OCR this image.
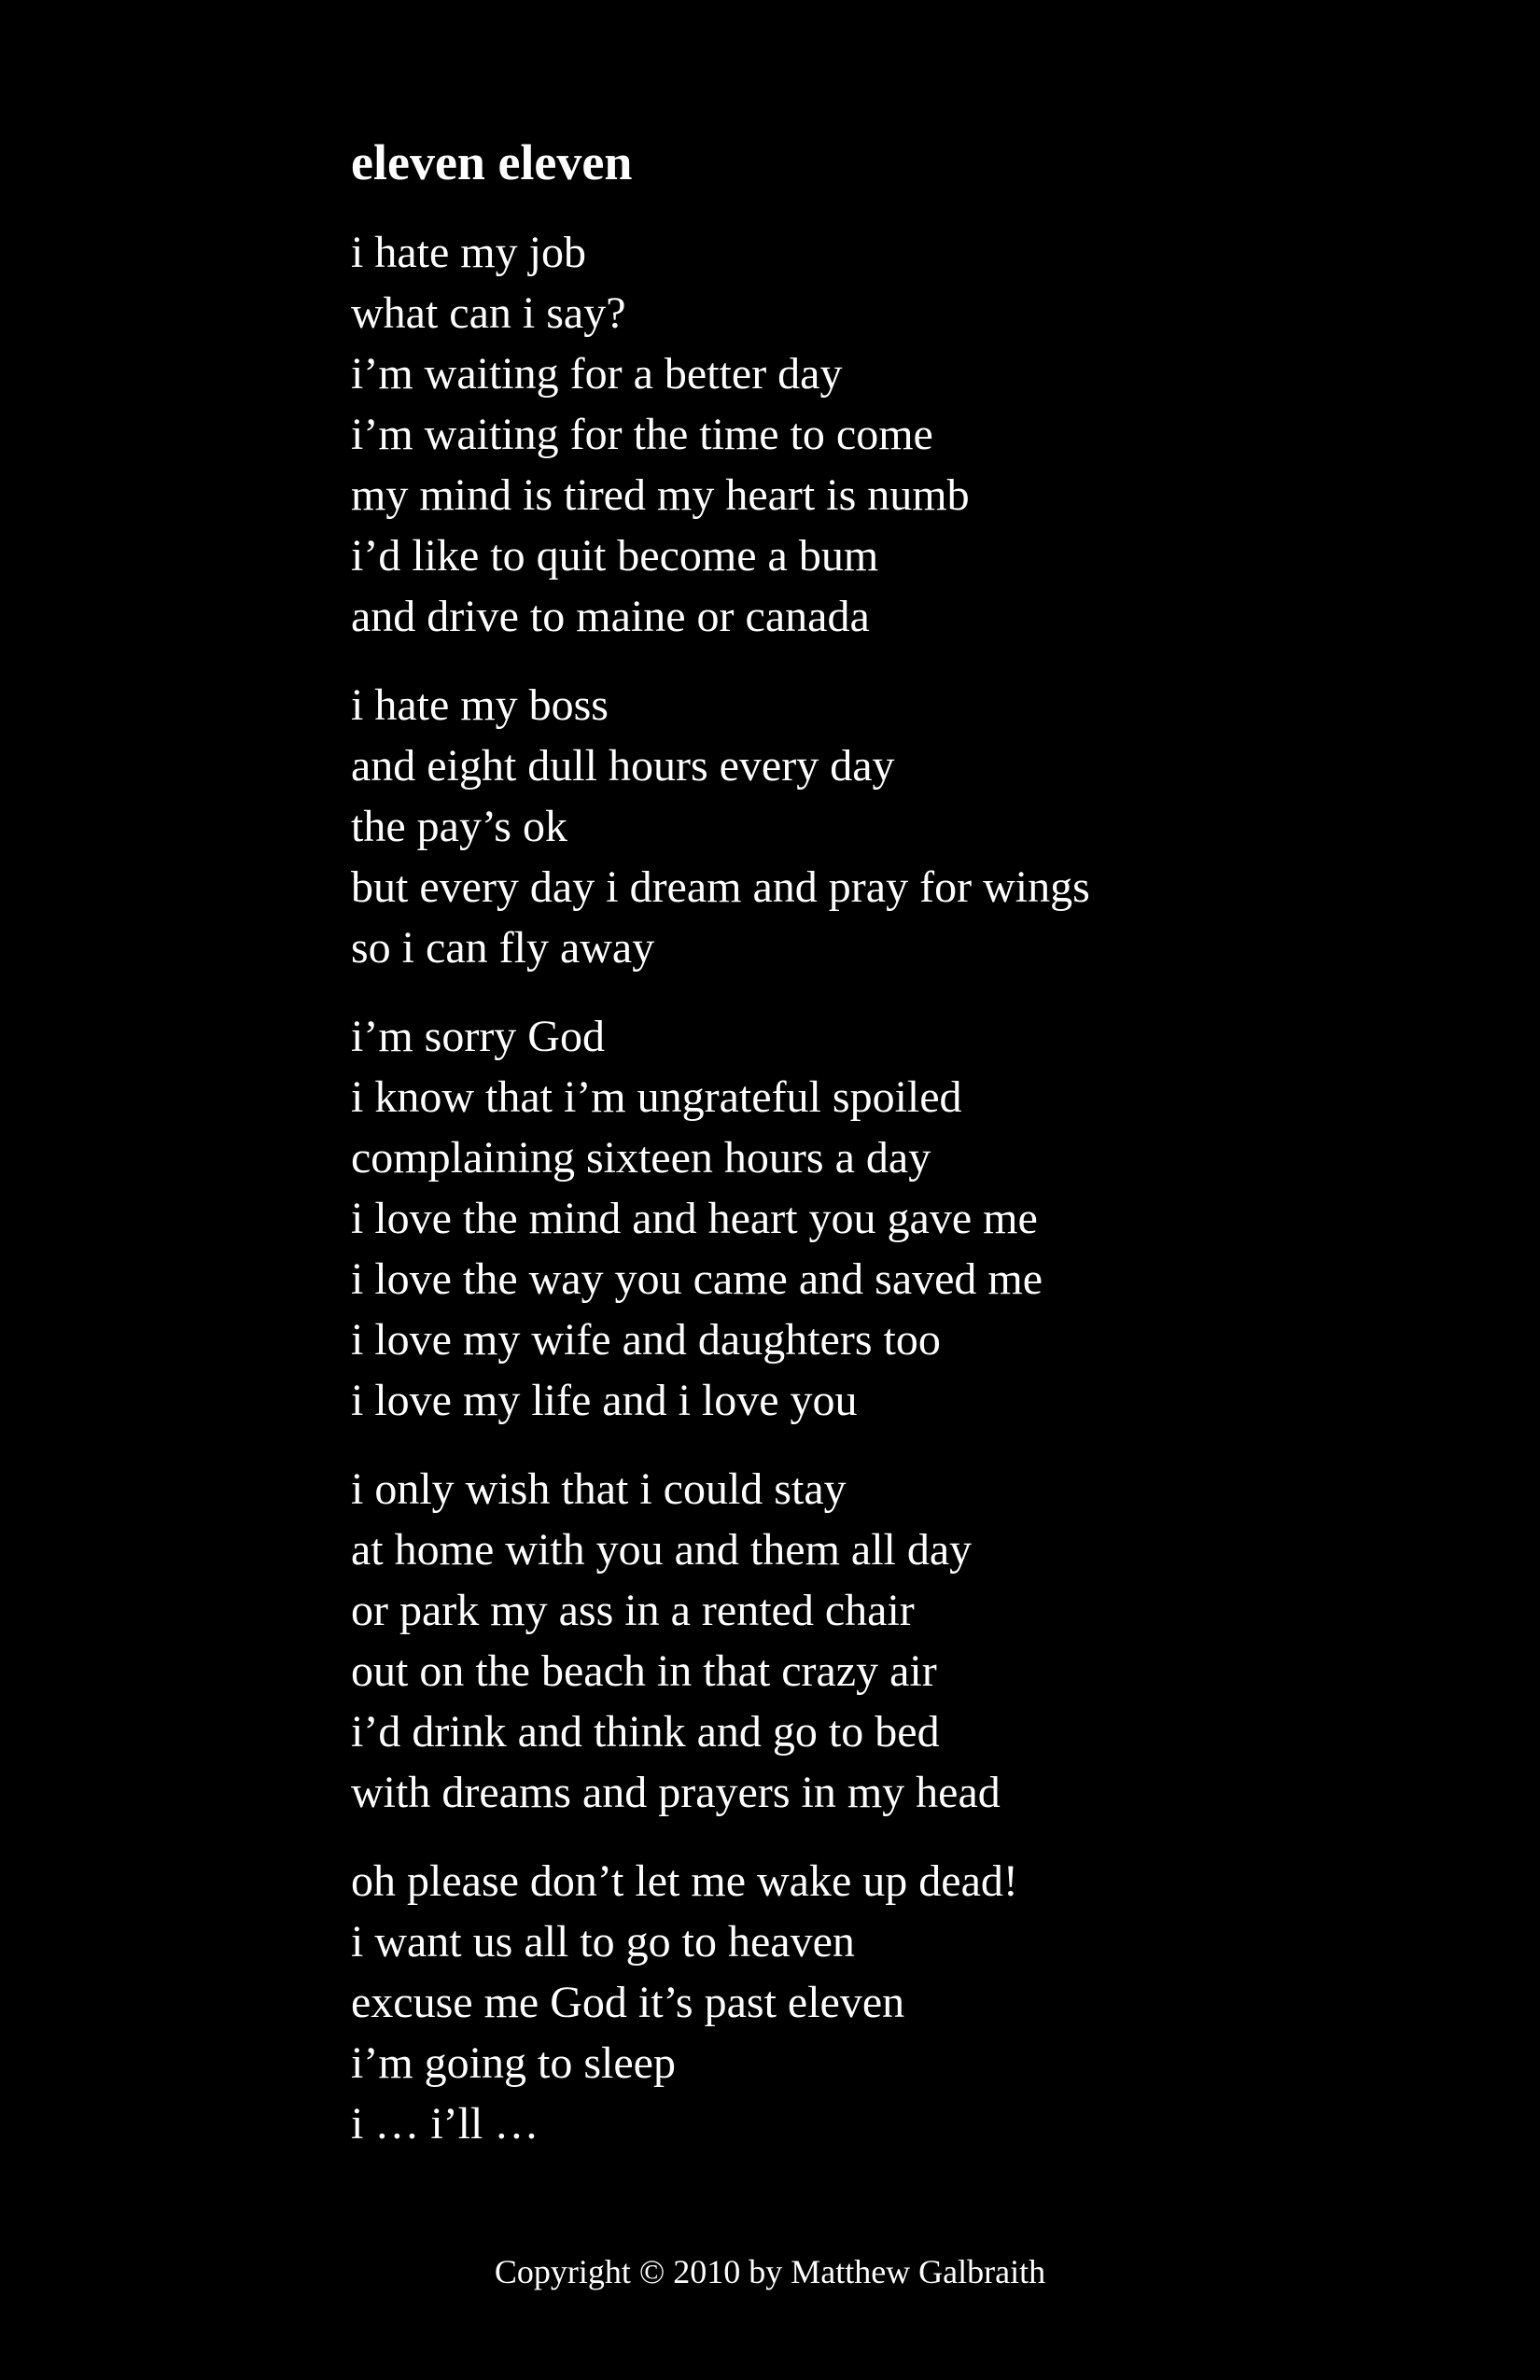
eleven eleven
i hate my job
what can i say?
i’m waiting for a better day
i’m waiting for the time to come
my mind is tired my heart is numb
i’d like to quit become a bum
and drive to maine or canada
i hate my boss
and eight dull hours every day
the pay’s ok
but every day i dream and pray for wings
so i can fly away
i’m sorry God
i know that i’m ungrateful spoiled
complaining sixteen hours a day
i love the mind and heart you gave me
i love the way you came and saved me
i love my wife and daughters too
i love my life and i love you
i only wish that i could stay
at home with you and them all day
or park my ass in a rented chair
out on the beach in that crazy air
i’d drink and think and go to bed
with dreams and prayers in my head
oh please don’t let me wake up dead!
i want us all to go to heaven
excuse me God it’s past eleven
i’m going to sleep
i … i’ll …
Copyright © 2010 by Matthew Galbraith
